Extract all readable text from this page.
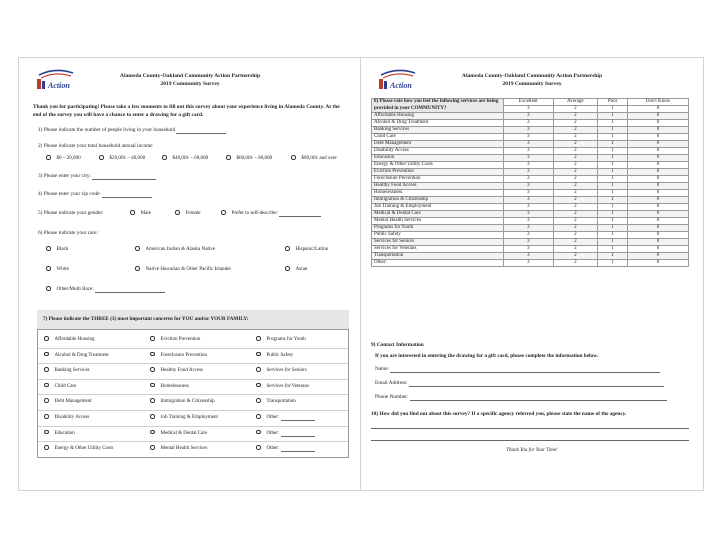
Action
Alameda County-Oakland Community Action Partnership
2019 Community Survey
Thank you for participating! Please take a few moments to fill out this survey about your experience living in Alameda County. At the end of the survey you will have a chance to enter a drawing for a gift card.
1) Please indicate the number of people living in your household
2) Please indicate your total household annual income
$0 – 20,000	$20,001 – 40,000	$40,001 – 60,000	$60,001 – 80,000	$80,001 and over
3) Please enter your city:
4) Please enter your zip code:
5) Please indicate your gender:	Male	Female	Prefer to self-describe:
6) Please indicate your race:
Black	American Indian & Alaska Native	Hispanic/Latino
White	Native Hawaiian & Other Pacific Islander	Asian
Other/Multi Race:
7) Please indicate the THREE (3) most important concerns for YOU and/or YOUR FAMILY:
Affordable Housing	Eviction Prevention	Programs for Youth
Alcohol & Drug Treatment	Foreclosure Prevention	Public Safety
Banking Services	Healthy Food Access	Services for Seniors
Child Care	Homelessness	Services for Veterans
Debt Management	Immigration & Citizenship	Transportation
Disability Access	Job Training & Employment	Other:
Education	Medical & Dental Care	Other:
Energy & Other Utility Costs	Mental Health Services	Other:
Action
Alameda County-Oakland Community Action Partnership
2019 Community Survey
8) Please rate how you feel the following services are being provided in your COMMUNITY?	Excellent	Average	Poor	Don't Know
	3	2	1	0
Affordable Housing	3	2	1	0
Alcohol & Drug Treatment	3	2	1	0
Banking Services	3	2	1	0
Child Care	3	2	1	0
Debt Management	3	2	1	0
Disability Access	3	2	1	0
Education	3	2	1	0
Energy & Other Utility Costs	3	2	1	0
Eviction Prevention	3	2	1	0
Foreclosure Prevention	3	2	1	0
Healthy Food Access	3	2	1	0
Homelessness	3	2	1	0
Immigration & Citizenship	3	2	1	0
Job Training & Employment	3	2	1	0
Medical & Dental Care	3	2	1	0
Mental Health Services	3	2	1	0
Programs for Youth	3	2	1	0
Public Safety	3	2	1	0
Services for Seniors	3	2	1	0
Services for Veterans	3	2	1	0
Transportation	3	2	1	0
Other:	3	2	1	0
9) Contact Information
If you are interested in entering the drawing for a gift card, please complete the information below.
Name:
Email Address:
Phone Number:
10) How did you find out about this survey? If a specific agency referred you, please state the name of the agency.
Thank You for Your Time!
